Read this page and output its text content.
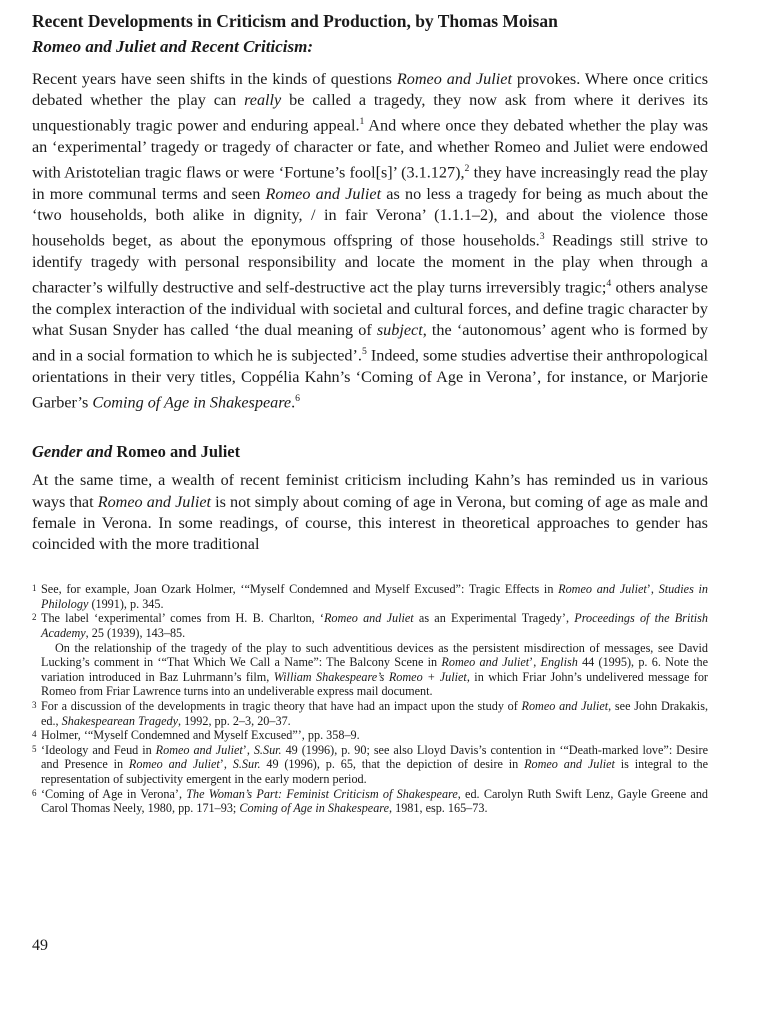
Recent Developments in Criticism and Production, by Thomas Moisan
Romeo and Juliet and Recent Criticism:

Recent years have seen shifts in the kinds of questions Romeo and Juliet provokes. Where once critics debated whether the play can really be called a tragedy, they now ask from where it derives its unquestionably tragic power and enduring appeal.$^1$ And where once they debated whether the play was an ‘experimental’ tragedy or tragedy of character or fate, and whether Romeo and Juliet were endowed with Aristotelian tragic flaws or were ‘Fortune’s fool[s]’ (3.1.127),$^2$ they have increasingly read the play in more communal terms and seen Romeo and Juliet as no less a tragedy for being as much about the ‘two households, both alike in dignity, / in fair Verona’ (1.1.1–2), and about the violence those households beget, as about the eponymous offspring of those households.$^3$ Readings still strive to identify tragedy with personal responsibility and locate the moment in the play when through a character’s wilfully destructive and self-destructive act the play turns irreversibly tragic;$^4$ others analyse the complex interaction of the individual with societal and cultural forces, and define tragic character by what Susan Snyder has called ‘the dual meaning of subject, the ‘autonomous’ agent who is formed by and in a social formation to which he is subjected’.$^5$ Indeed, some studies advertise their anthropological orientations in their very titles, Coppélia Kahn’s ‘Coming of Age in Verona’, for instance, or Marjorie Garber’s Coming of Age in Shakespeare.$^6$

Gender and Romeo and Juliet

At the same time, a wealth of recent feminist criticism including Kahn’s has reminded us in various ways that Romeo and Juliet is not simply about coming of age in Verona, but coming of age as male and female in Verona. In some readings, of course, this interest in theoretical approaches to gender has coincided with the more traditional

1 See, for example, Joan Ozark Holmer, ‘“Myself Condemned and Myself Excused”: Tragic Effects in Romeo and Juliet’, Studies in Philology (1991), p. 345.

2 The label ‘experimental’ comes from H. B. Charlton, ‘Romeo and Juliet as an Experimental Tragedy’, Proceedings of the British Academy, 25 (1939), 143–85.

On the relationship of the tragedy of the play to such adventitious devices as the persistent misdirection of messages, see David Lucking’s comment in ‘“That Which We Call a Name”: The Balcony Scene in Romeo and Juliet’, English 44 (1995), p. 6. Note the variation introduced in Baz Luhrmann’s film, William Shakespeare’s Romeo + Juliet, in which Friar John’s undelivered message for Romeo from Friar Lawrence turns into an undeliverable express mail document.

3 For a discussion of the developments in tragic theory that have had an impact upon the study of Romeo and Juliet, see John Drakakis, ed., Shakespearean Tragedy, 1992, pp. 2–3, 20–37.

4 Holmer, ‘“Myself Condemned and Myself Excused”’, pp. 358–9.

5 ‘Ideology and Feud in Romeo and Juliet’, S.Sur. 49 (1996), p. 90; see also Lloyd Davis’s contention in ‘“Death-marked love”: Desire and Presence in Romeo and Juliet’, S.Sur. 49 (1996), p. 65, that the depiction of desire in Romeo and Juliet is integral to the representation of subjectivity emergent in the early modern period.

6 ‘Coming of Age in Verona’, The Woman’s Part: Feminist Criticism of Shakespeare, ed. Carolyn Ruth Swift Lenz, Gayle Greene and Carol Thomas Neely, 1980, pp. 171–93; Coming of Age in Shakespeare, 1981, esp. 165–73.

49
